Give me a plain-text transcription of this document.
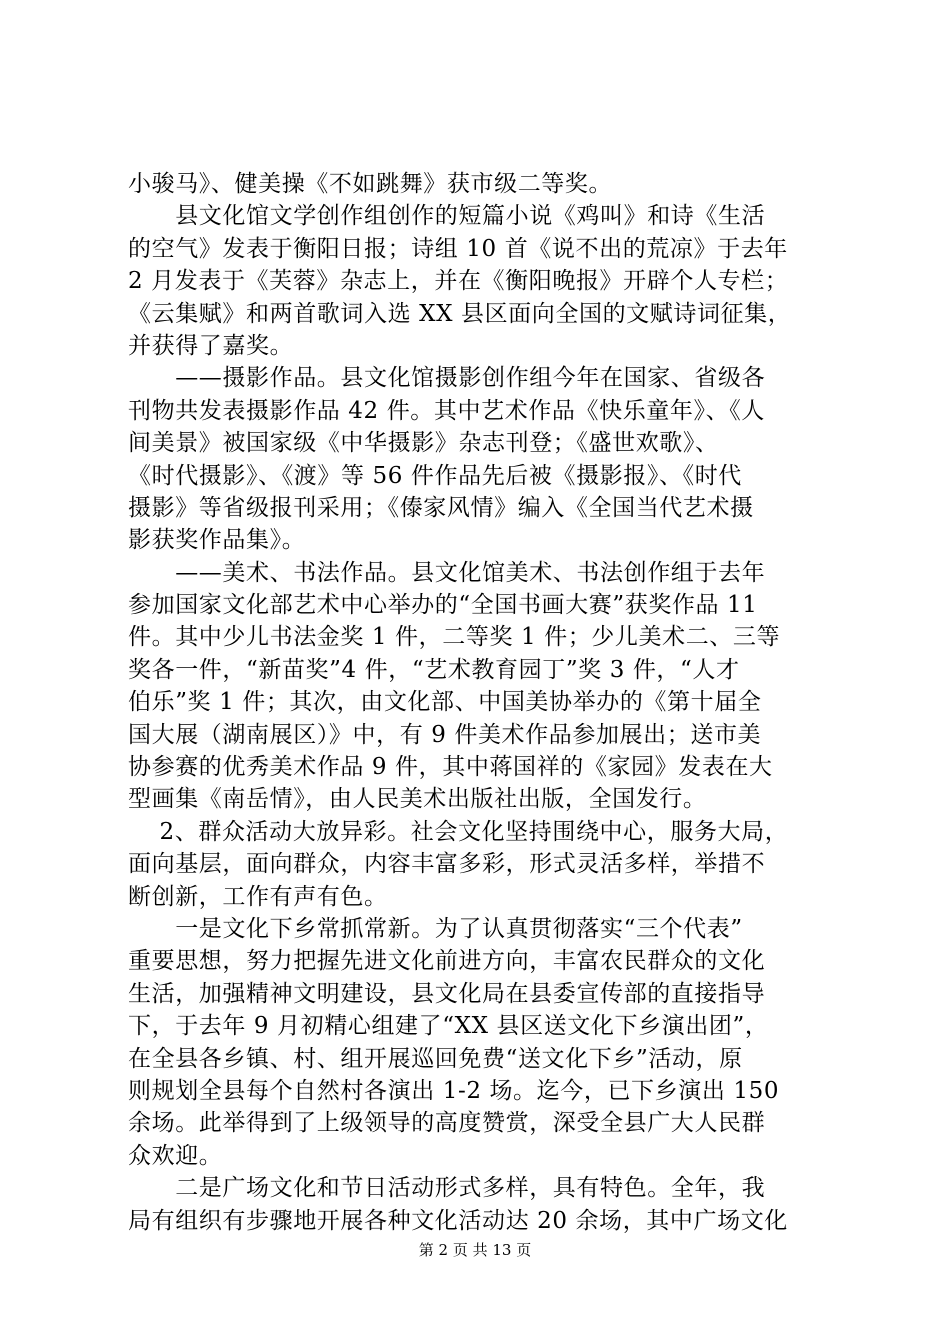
小骏马》、健美操《不如跳舞》获市级二等奖。
　　县文化馆文学创作组创作的短篇小说《鸡叫》和诗《生活
的空气》发表于衡阳日报；诗组 10 首《说不出的荒凉》于去年
2 月发表于《芙蓉》杂志上，并在《衡阳晚报》开辟个人专栏；
《云集赋》和两首歌词入选 XX 县区面向全国的文赋诗词征集，
并获得了嘉奖。
　　——摄影作品。县文化馆摄影创作组今年在国家、省级各
刊物共发表摄影作品 42 件。其中艺术作品《快乐童年》、《人
间美景》被国家级《中华摄影》杂志刊登；《盛世欢歌》、
《时代摄影》、《渡》等 56 件作品先后被《摄影报》、《时代
摄影》等省级报刊采用；《傣家风情》编入《全国当代艺术摄
影获奖作品集》。
　　——美术、书法作品。县文化馆美术、书法创作组于去年
参加国家文化部艺术中心举办的“全国书画大赛”获奖作品 11
件。其中少儿书法金奖 1 件，二等奖 1 件；少儿美术二、三等
奖各一件，“新苗奖”4 件，“艺术教育园丁”奖 3 件，“人才
伯乐”奖 1 件；其次，由文化部、中国美协举办的《第十届全
国大展（湖南展区）》中，有 9 件美术作品参加展出；送市美
协参赛的优秀美术作品 9 件，其中蒋国祥的《家园》发表在大
型画集《南岳情》，由人民美术出版社出版，全国发行。
　 2、群众活动大放异彩。社会文化坚持围绕中心，服务大局，
面向基层，面向群众，内容丰富多彩，形式灵活多样，举措不
断创新，工作有声有色。
　　一是文化下乡常抓常新。为了认真贯彻落实“三个代表”
重要思想，努力把握先进文化前进方向，丰富农民群众的文化
生活，加强精神文明建设，县文化局在县委宣传部的直接指导
下，于去年 9 月初精心组建了“XX 县区送文化下乡演出团”，
在全县各乡镇、村、组开展巡回免费“送文化下乡”活动，原
则规划全县每个自然村各演出 1-2 场。迄今，已下乡演出 150
余场。此举得到了上级领导的高度赞赏，深受全县广大人民群
众欢迎。
　　二是广场文化和节日活动形式多样，具有特色。全年，我
局有组织有步骤地开展各种文化活动达 20 余场，其中广场文化
第 2 页 共 13 页
